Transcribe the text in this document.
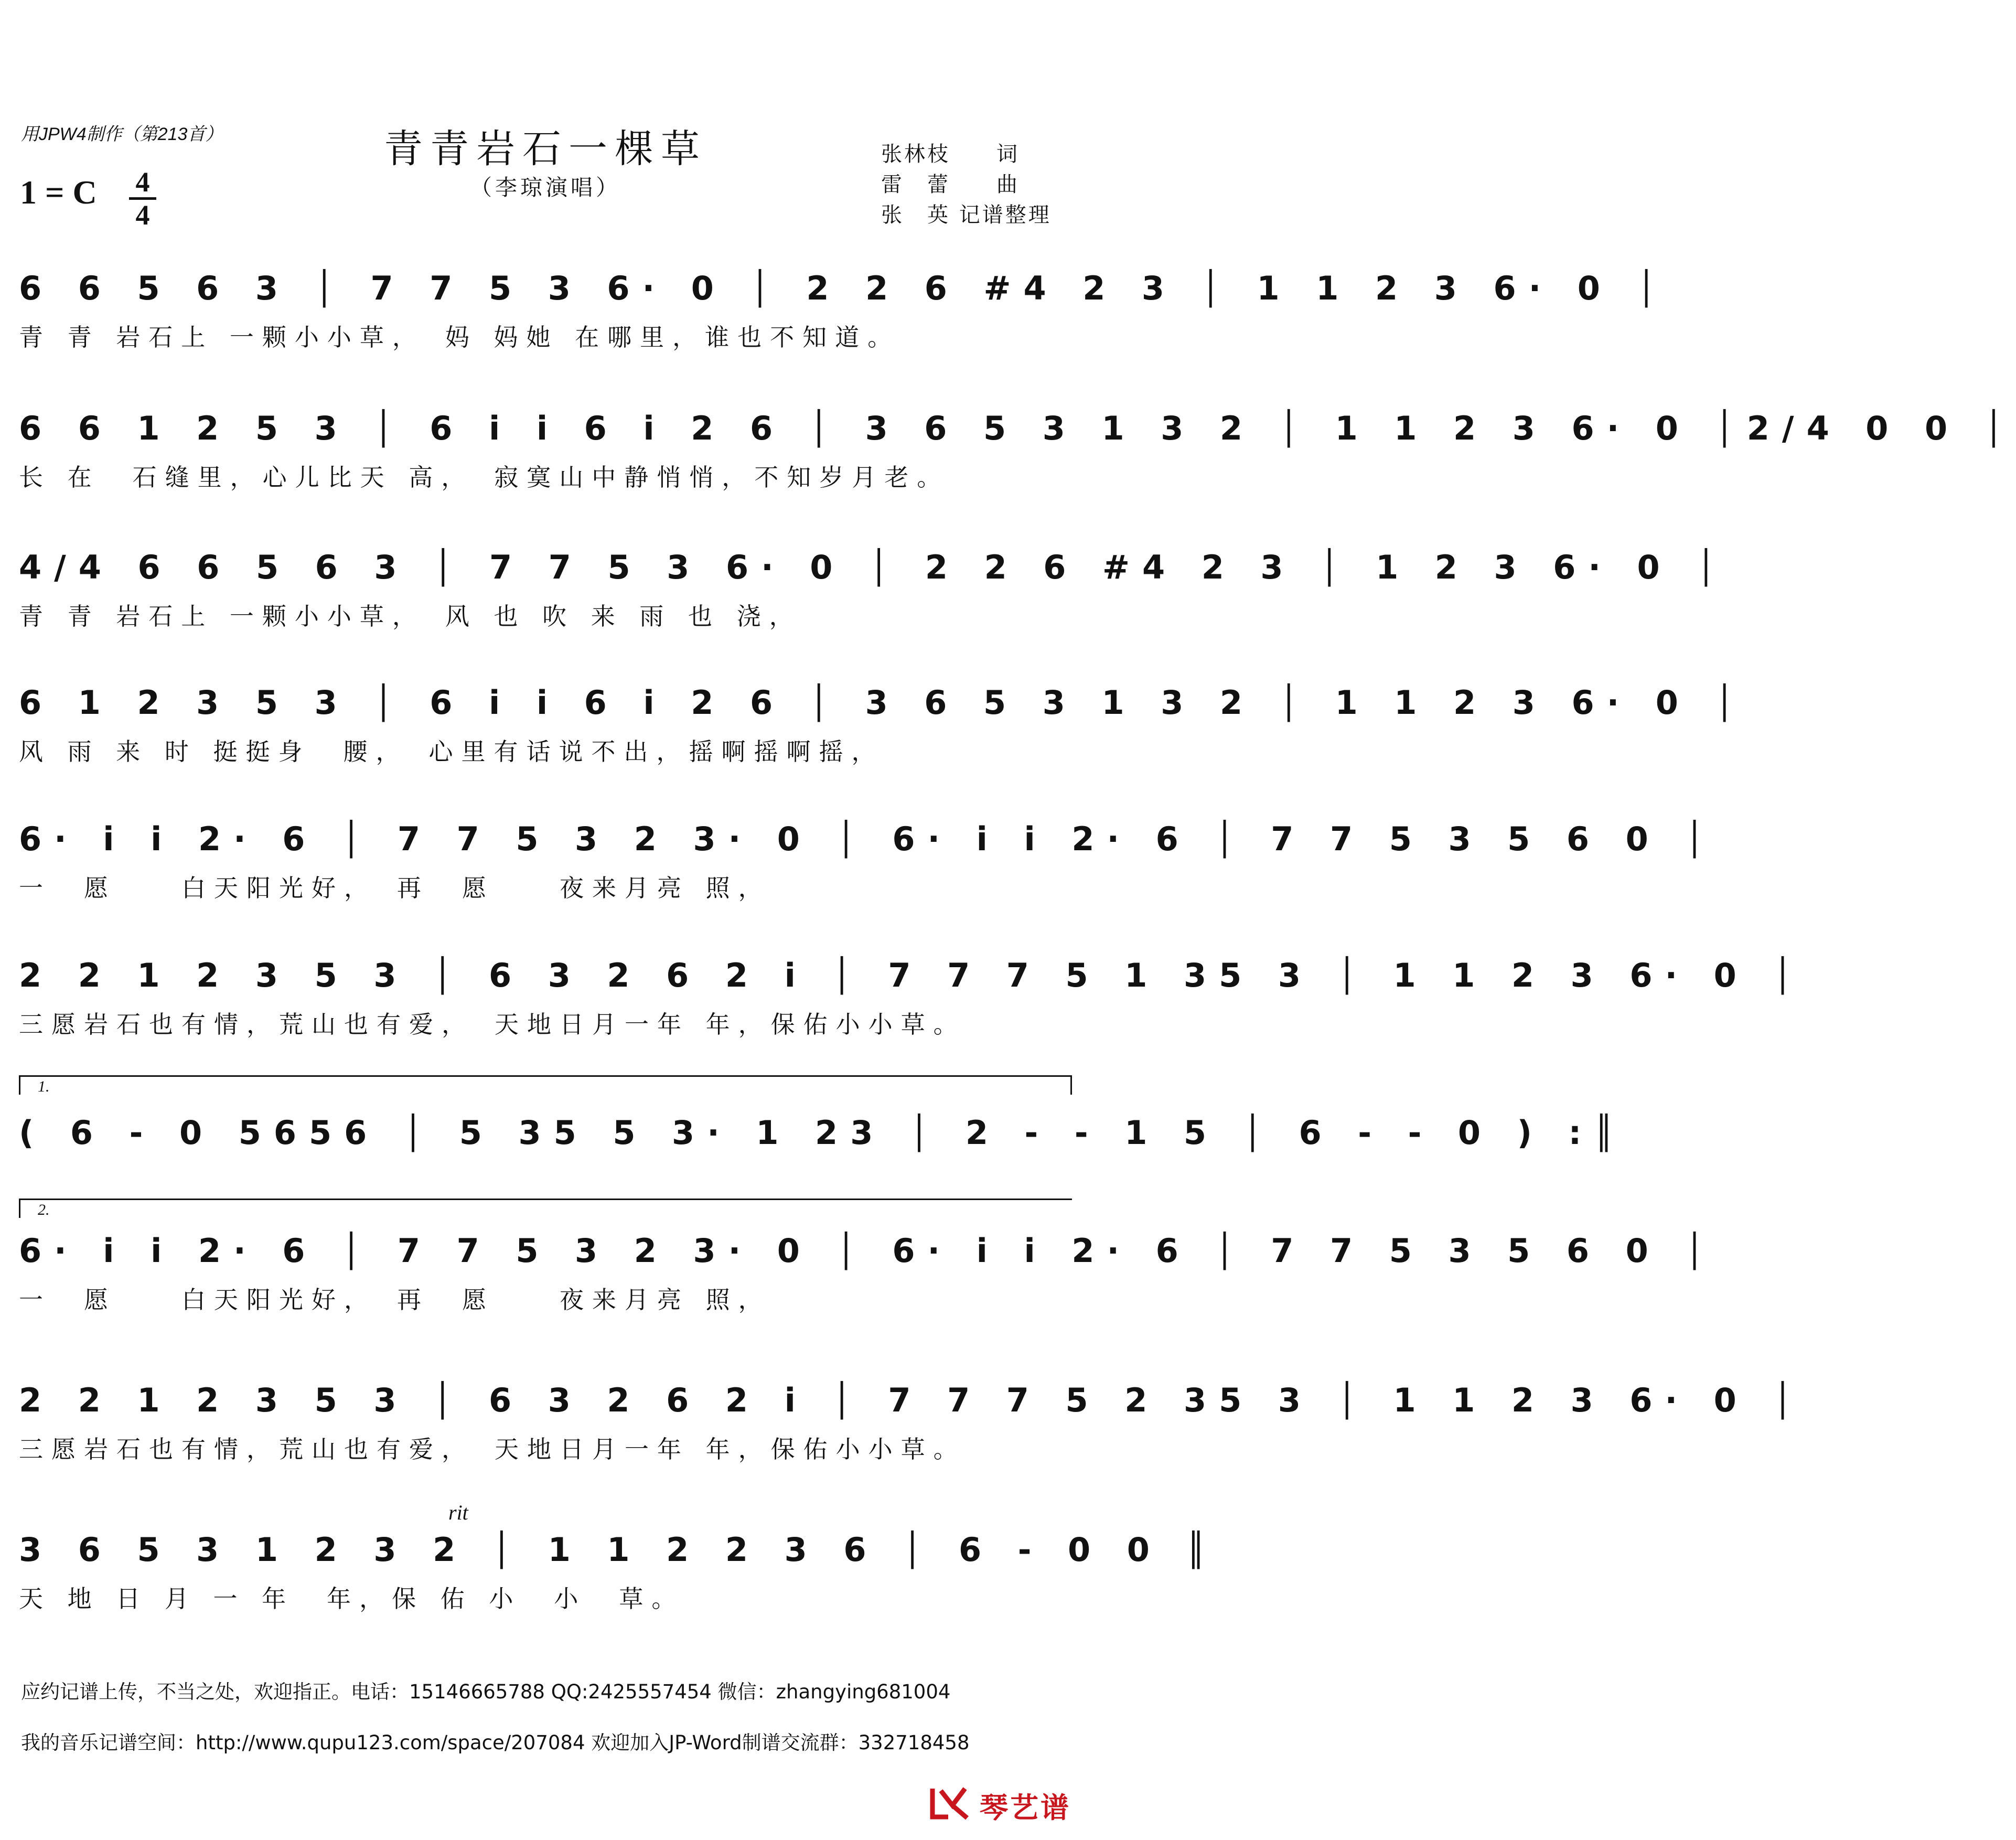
用JPW4制作（第213首）	青青岩石一棵草
（李琼演唱）
1 = C	4
4
张林枝　　词
雷　蕾　　曲
张　英 记谱整理
6 6 5 6 3 │ 7 7 5 3 6· 0 │ 2 2 6 #4 2 3 │ 1 1 2 3 6· 0 │
青 青 岩石上 一颗小小草，　妈 妈她 在哪里，谁也不知道。
6 6 1 2 5 3 │ 6 i i 6 i 2 6 │ 3 6 5 3 1 3 2 │ 1 1 2 3 6· 0 │2/4 0 0 │
长 在　石缝里，心儿比天 高，　寂寞山中静悄悄，不知岁月老。
4/4 6 6 5 6 3 │ 7 7 5 3 6· 0 │ 2 2 6 #4 2 3 │ 1 2 3 6· 0 │
青 青 岩石上 一颗小小草，　风 也 吹 来 雨 也 浇，
6 1 2 3 5 3 │ 6 i i 6 i 2 6 │ 3 6 5 3 1 3 2 │ 1 1 2 3 6· 0 │
风 雨 来 时 挺挺身　腰，　心里有话说不出，摇啊摇啊摇，
6· i i 2· 6 │ 7 7 5 3 2 3· 0 │ 6· i i 2· 6 │ 7 7 5 3 5 6 0 │
一　愿　　白天阳光好，　再　愿　　夜来月亮 照，
2 2 1 2 3 5 3 │ 6 3 2 6 2 i │ 7 7 7 5 1 35 3 │ 1 1 2 3 6· 0 │
三愿岩石也有情，荒山也有爱，　天地日月一年 年，保佑小小草。
1.
( 6 - 0 5656 │ 5 35 5 3· 1 23 │ 2 - - 1 5 │ 6 - - 0 ) :║
2.
6· i i 2· 6 │ 7 7 5 3 2 3· 0 │ 6· i i 2· 6 │ 7 7 5 3 5 6 0 │
一　愿　　白天阳光好，　再　愿　　夜来月亮 照，
2 2 1 2 3 5 3 │ 6 3 2 6 2 i │ 7 7 7 5 2 35 3 │ 1 1 2 3 6· 0 │
三愿岩石也有情，荒山也有爱，　天地日月一年 年，保佑小小草。
rit
3 6 5 3 1 2 3 2 │ 1 1 2 2 3 6 │ 6 - 0 0 ║
天 地 日 月 一 年　年，保 佑 小　小　草。
应约记谱上传，不当之处，欢迎指正。电话：15146665788 QQ:2425557454 微信：zhangying681004
我的音乐记谱空间：http://www.qupu123.com/space/207084 欢迎加入JP-Word制谱交流群：332718458
琴艺谱
